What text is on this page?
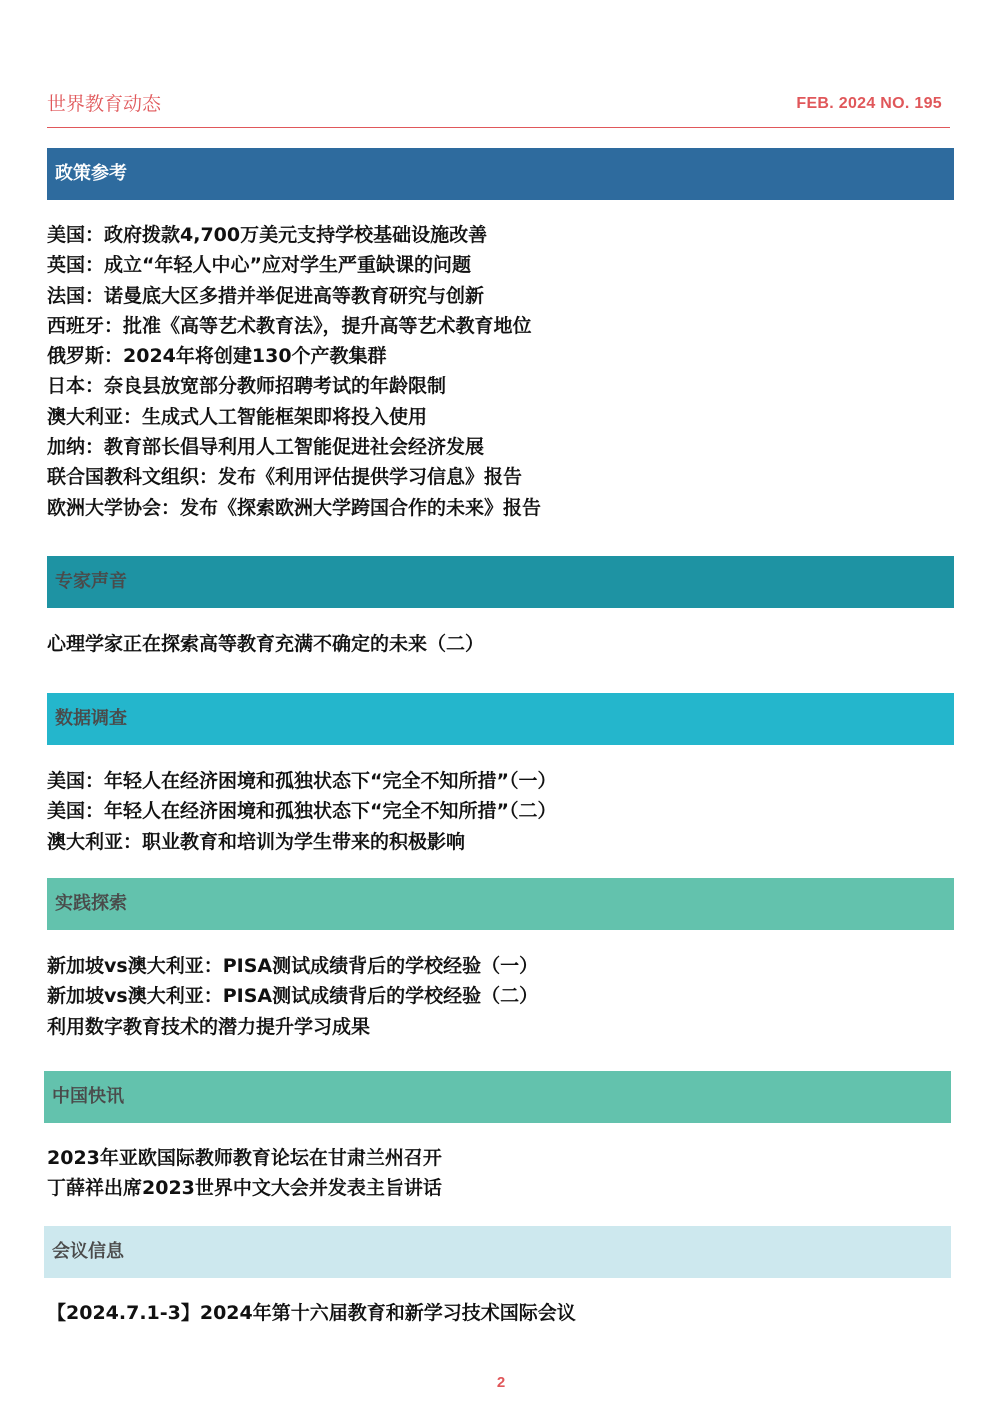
世界教育动态	FEB. 2024 NO. 195
政策参考
美国：政府拨款4,700万美元支持学校基础设施改善
英国：成立“年轻人中心”应对学生严重缺课的问题
法国：诺曼底大区多措并举促进高等教育研究与创新
西班牙：批准《高等艺术教育法》，提升高等艺术教育地位
俄罗斯：2024年将创建130个产教集群
日本：奈良县放宽部分教师招聘考试的年龄限制
澳大利亚：生成式人工智能框架即将投入使用
加纳：教育部长倡导利用人工智能促进社会经济发展
联合国教科文组织：发布《利用评估提供学习信息》报告
欧洲大学协会：发布《探索欧洲大学跨国合作的未来》报告
专家声音
心理学家正在探索高等教育充满不确定的未来（二）
数据调查
美国：年轻人在经济困境和孤独状态下“完全不知所措”（一）
美国：年轻人在经济困境和孤独状态下“完全不知所措”（二）
澳大利亚：职业教育和培训为学生带来的积极影响
实践探索
新加坡vs澳大利亚：PISA测试成绩背后的学校经验（一）
新加坡vs澳大利亚：PISA测试成绩背后的学校经验（二）
利用数字教育技术的潜力提升学习成果
中国快讯
2023年亚欧国际教师教育论坛在甘肃兰州召开
丁薛祥出席2023世界中文大会并发表主旨讲话
会议信息
【2024.7.1-3】2024年第十六届教育和新学习技术国际会议
2
